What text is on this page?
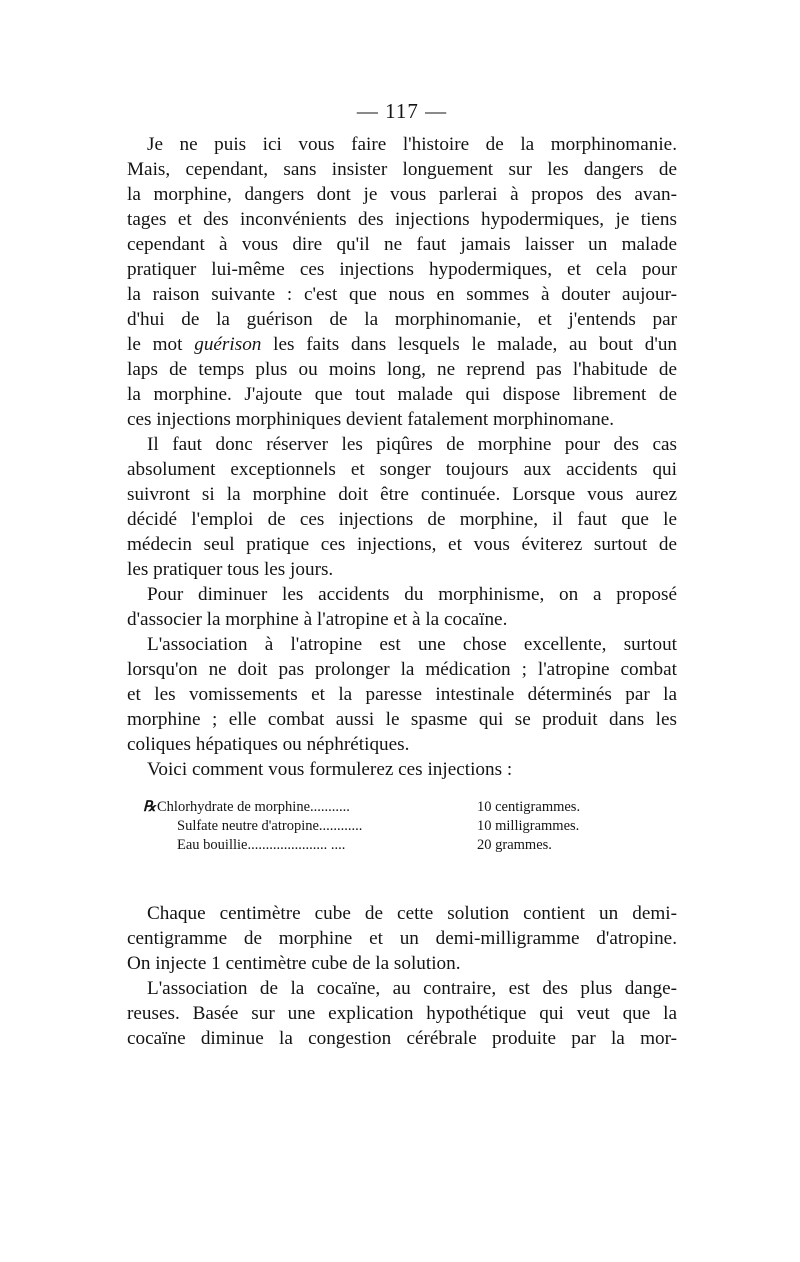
— 117 —
Je ne puis ici vous faire l'histoire de la morphinomanie.
Mais, cependant, sans insister longuement sur les dangers de
la morphine, dangers dont je vous parlerai à propos des avan-
tages et des inconvénients des injections hypodermiques, je tiens
cependant à vous dire qu'il ne faut jamais laisser un malade
pratiquer lui-même ces injections hypodermiques, et cela pour
la raison suivante : c'est que nous en sommes à douter aujour-
d'hui de la guérison de la morphinomanie, et j'entends par
le mot guérison les faits dans lesquels le malade, au bout d'un
laps de temps plus ou moins long, ne reprend pas l'habitude de
la morphine. J'ajoute que tout malade qui dispose librement de
ces injections morphiniques devient fatalement morphinomane.
Il faut donc réserver les piqûres de morphine pour des cas
absolument exceptionnels et songer toujours aux accidents qui
suivront si la morphine doit être continuée. Lorsque vous aurez
décidé l'emploi de ces injections de morphine, il faut que le
médecin seul pratique ces injections, et vous éviterez surtout de
les pratiquer tous les jours.
Pour diminuer les accidents du morphinisme, on a proposé
d'associer la morphine à l'atropine et à la cocaïne.
L'association à l'atropine est une chose excellente, surtout
lorsqu'on ne doit pas prolonger la médication ; l'atropine combat
et les vomissements et la paresse intestinale déterminés par la
morphine ; elle combat aussi le spasme qui se produit dans les
coliques hépatiques ou néphrétiques.
Voici comment vous formulerez ces injections :
℞Chlorhydrate de morphine...........	10 centigrammes.
Sulfate neutre d'atropine............	10 milligrammes.
Eau bouillie...................... ....	20 grammes.
Chaque centimètre cube de cette solution contient un demi-
centigramme de morphine et un demi-milligramme d'atropine.
On injecte 1 centimètre cube de la solution.
L'association de la cocaïne, au contraire, est des plus dange-
reuses. Basée sur une explication hypothétique qui veut que la
cocaïne diminue la congestion cérébrale produite par la mor-
